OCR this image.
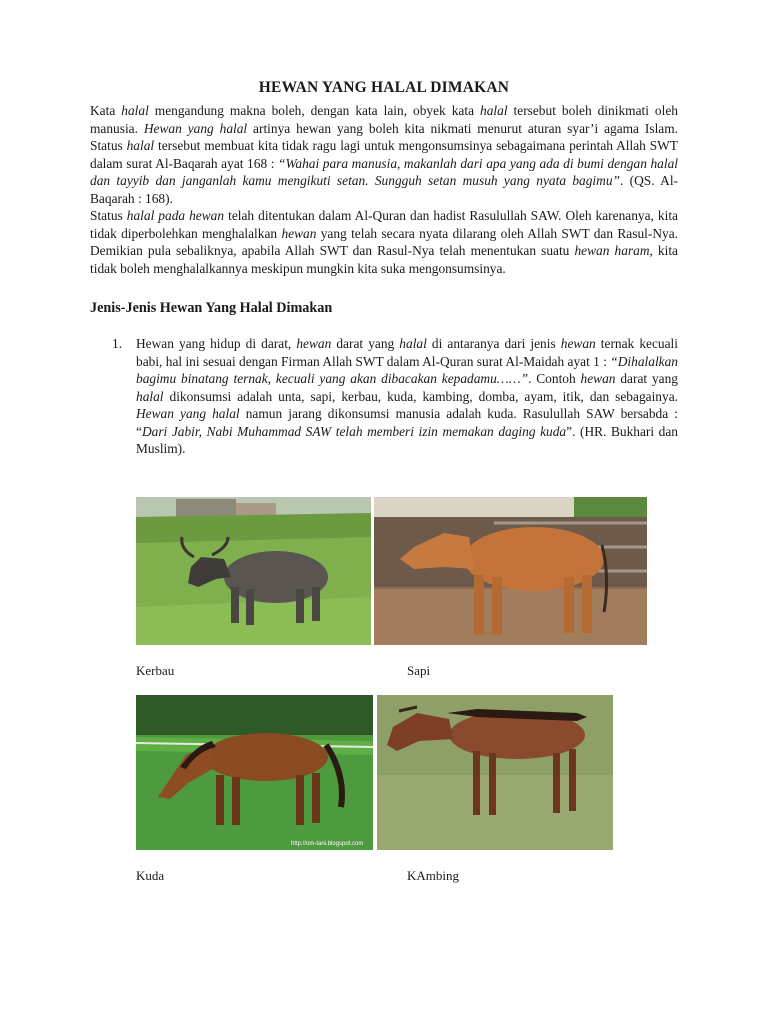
HEWAN YANG HALAL DIMAKAN

Kata halal mengandung makna boleh, dengan kata lain, obyek kata halal tersebut boleh dinikmati oleh manusia. Hewan yang halal artinya hewan yang boleh kita nikmati menurut aturan syar’i agama Islam. Status halal tersebut membuat kita tidak ragu lagi untuk mengonsumsinya sebagaimana perintah Allah SWT dalam surat Al-Baqarah ayat 168 : “Wahai para manusia, makanlah dari apa yang ada di bumi dengan halal dan tayyib dan janganlah kamu mengikuti setan. Sungguh setan musuh yang nyata bagimu”. (QS. Al-Baqarah : 168).

Status halal pada hewan telah ditentukan dalam Al-Quran dan hadist Rasulullah SAW. Oleh karenanya, kita tidak diperbolehkan menghalalkan hewan yang telah secara nyata dilarang oleh Allah SWT dan Rasul-Nya. Demikian pula sebaliknya, apabila Allah SWT dan Rasul-Nya telah menentukan suatu hewan haram, kita tidak boleh menghalalkannya meskipun mungkin kita suka mengonsumsinya.

Jenis-Jenis Hewan Yang Halal Dimakan
1. Hewan yang hidup di darat, hewan darat yang halal di antaranya dari jenis hewan ternak kecuali babi, hal ini sesuai dengan Firman Allah SWT dalam Al-Quran surat Al-Maidah ayat 1 : “Dihalalkan bagimu binatang ternak, kecuali yang akan dibacakan kepadamu……”. Contoh hewan darat yang halal dikonsumsi adalah unta, sapi, kerbau, kuda, kambing, domba, ayam, itik, dan sebagainya. Hewan yang halal namun jarang dikonsumsi manusia adalah kuda. Rasulullah SAW bersabda : “Dari Jabir, Nabi Muhammad SAW telah memberi izin memakan daging kuda”. (HR. Bukhari dan Muslim).
Kerbau	Sapi
http://om-tani.blogspot.com
Kuda	KAmbing
